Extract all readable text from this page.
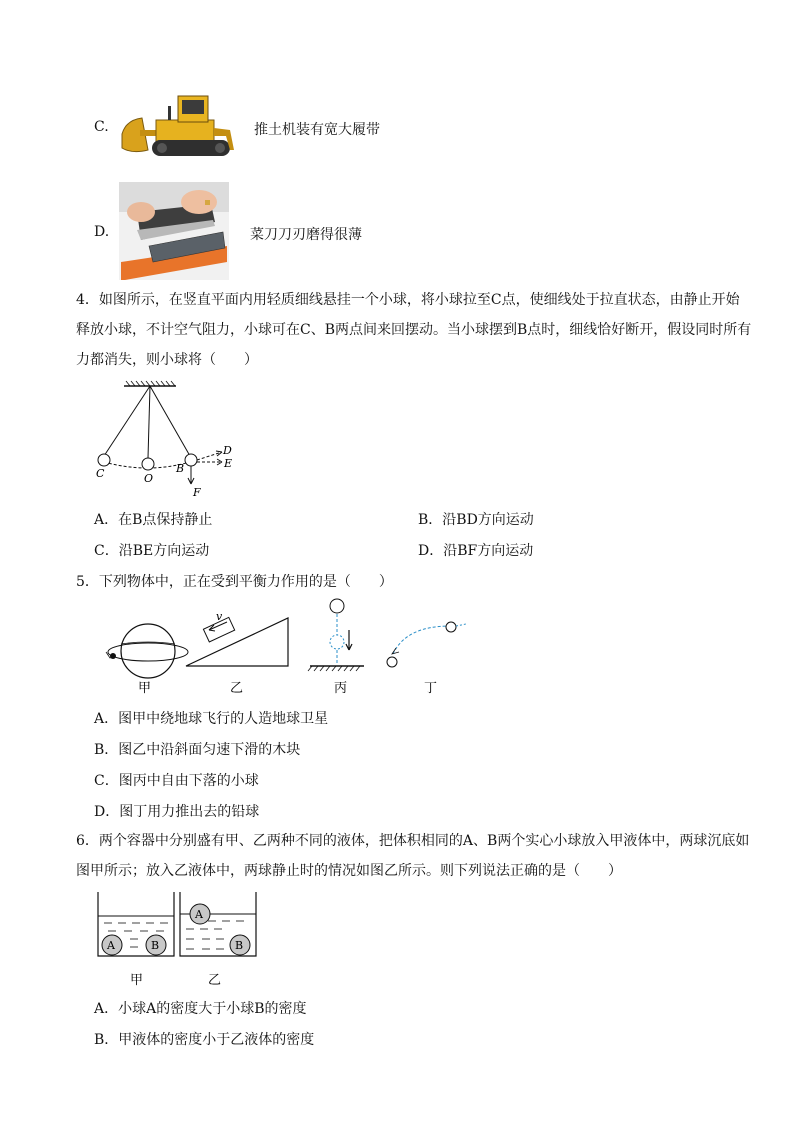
C.	推土机装有宽大履带
D.	菜刀刀刃磨得很薄
4．如图所示，在竖直平面内用轻质细线悬挂一个小球，将小球拉至C点，使细线处于拉直状态，由静止开始释放小球，不计空气阻力，小球可在C、B两点间来回摆动。当小球摆到B点时，细线恰好断开，假设同时所有力都消失，则小球将（　　）
C	O
B
D
E
F
A．在B点保持静止	B．沿BD方向运动
C．沿BE方向运动	D．沿BF方向运动
5．下列物体中，正在受到平衡力作用的是（　　）
v
甲	乙	丙	丁
A．图甲中绕地球飞行的人造地球卫星
B．图乙中沿斜面匀速下滑的木块
C．图丙中自由下落的小球
D．图丁用力推出去的铅球
6．两个容器中分别盛有甲、乙两种不同的液体，把体积相同的A、B两个实心小球放入甲液体中，两球沉底如图甲所示；放入乙液体中，两球静止时的情况如图乙所示。则下列说法正确的是（　　）
A	B
A
B
甲	乙
A．小球A的密度大于小球B的密度
B．甲液体的密度小于乙液体的密度
